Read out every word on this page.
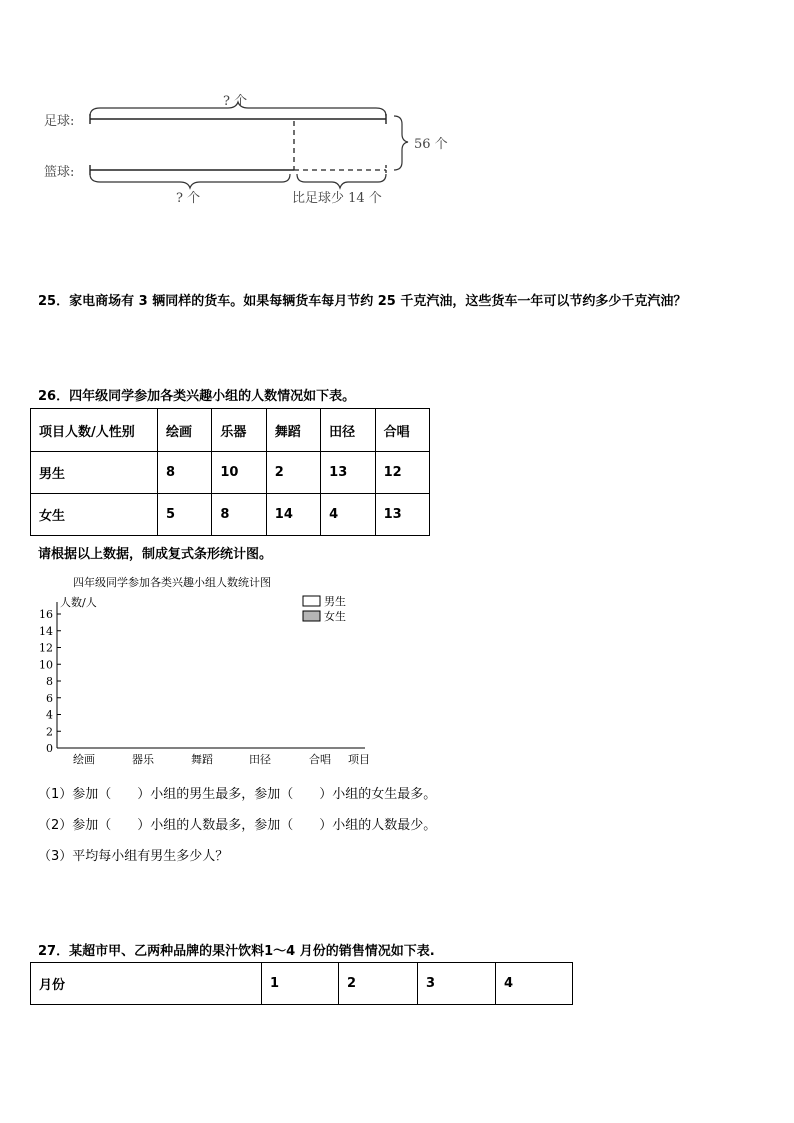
足球:
篮球:
? 个
? 个
56 个
比足球少 14 个
25．家电商场有 3 辆同样的货车。如果每辆货车每月节约 25 千克汽油，这些货车一年可以节约多少千克汽油？
26．四年级同学参加各类兴趣小组的人数情况如下表。
项目人数/人性别	绘画	乐器	舞蹈	田径	合唱
男生	8	10	2	13	12
女生	5	8	14	4	13
请根据以上数据，制成复式条形统计图。
四年级同学参加各类兴趣小组人数统计图
人数/人
0
2
4
6
8
10
12
14
16
绘画	器乐	舞蹈	田径	合唱 项目
男生
女生
（1）参加（　　）小组的男生最多，参加（　　）小组的女生最多。
（2）参加（　　）小组的人数最多，参加（　　）小组的人数最少。
（3）平均每小组有男生多少人？
27．某超市甲、乙两种品牌的果汁饮料1～4 月份的销售情况如下表.
月份	1	2	3	4
